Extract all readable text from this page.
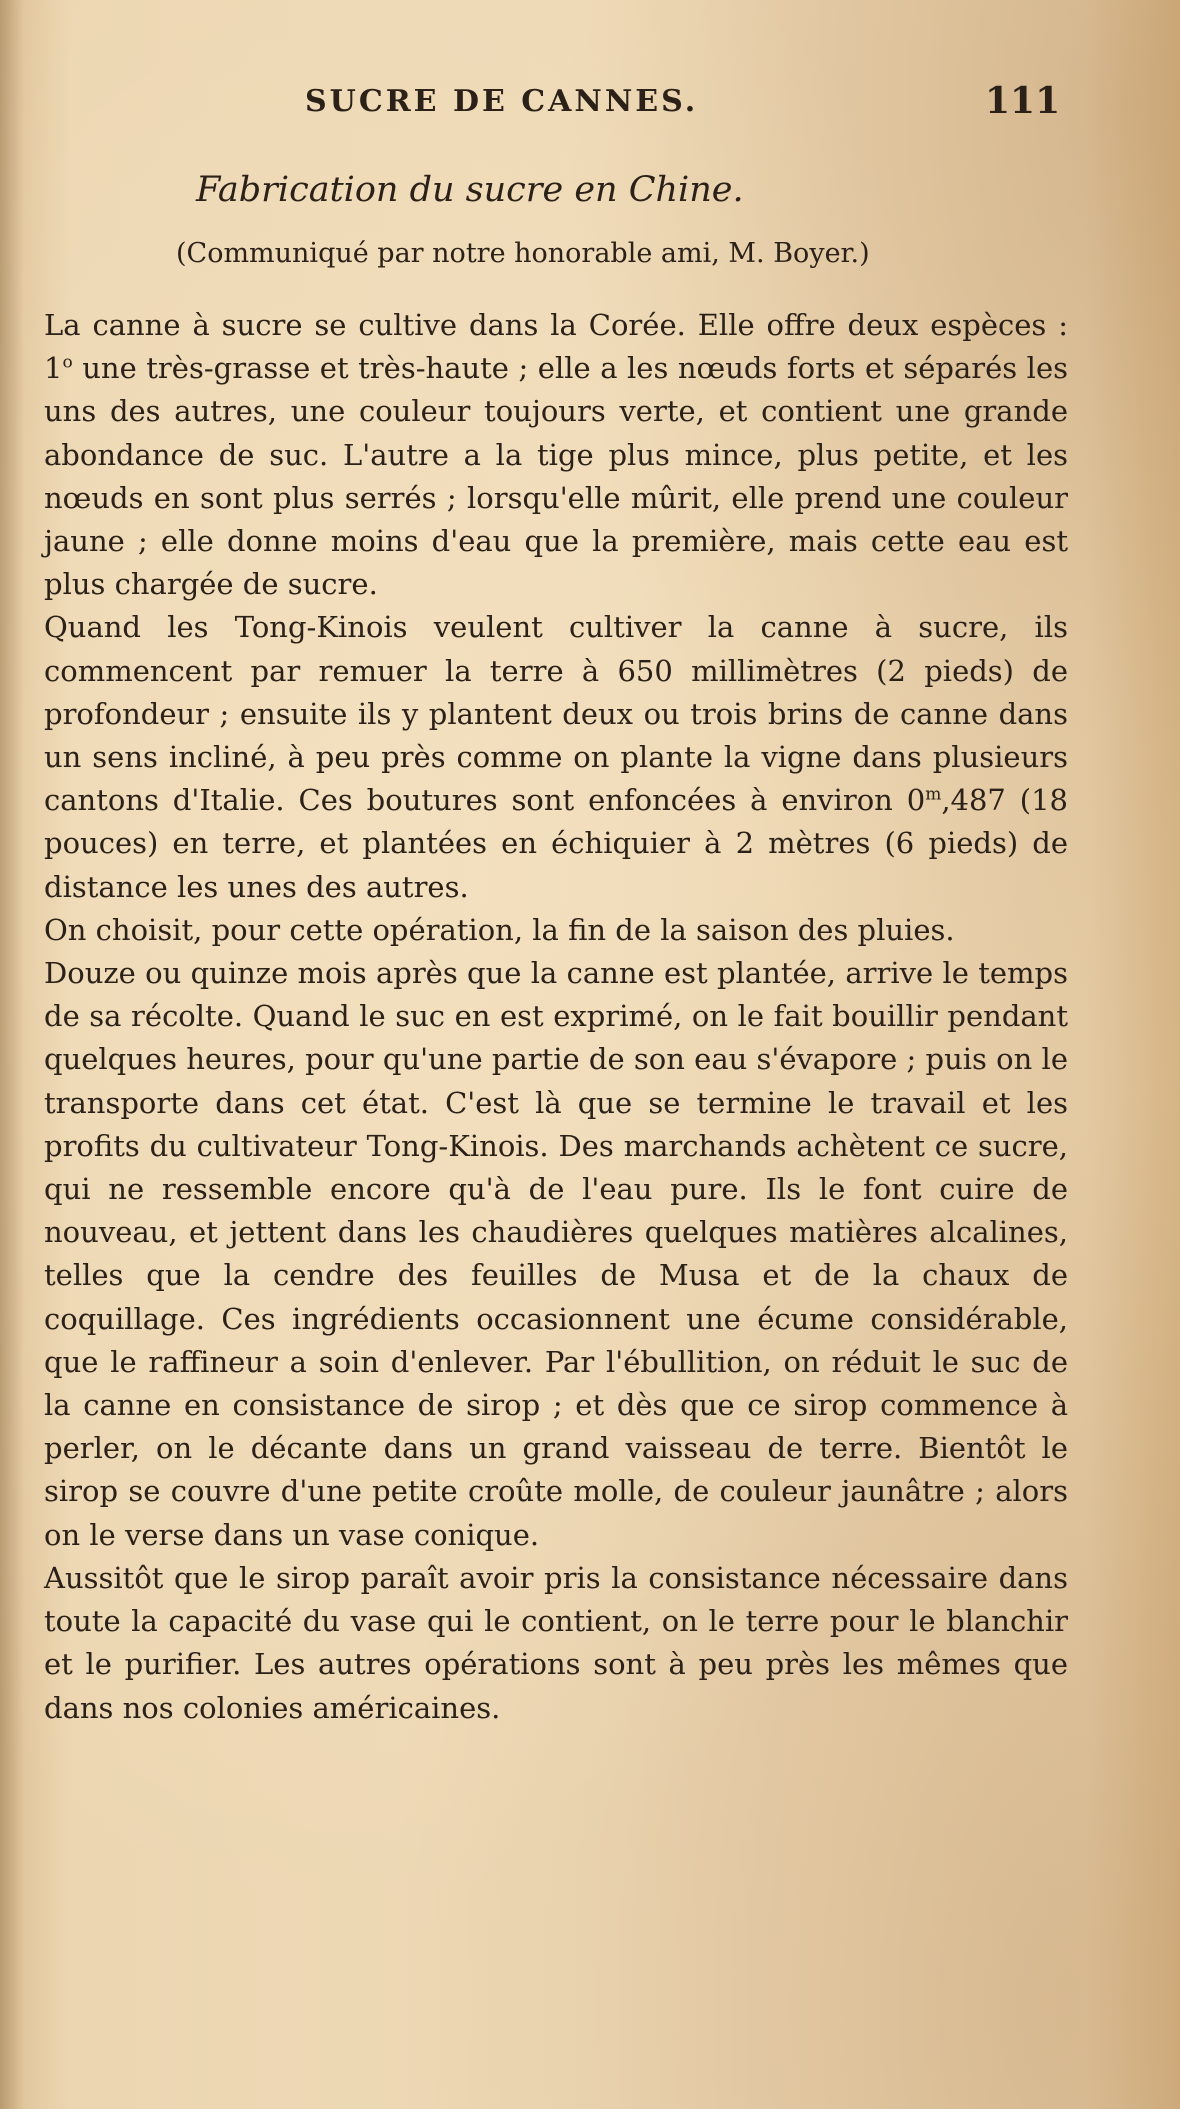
SUCRE DE CANNES.	111
Fabrication du sucre en Chine.
(Communiqué par notre honorable ami, M. Boyer.)

La canne à sucre se cultive dans la Corée. Elle offre deux espèces : 1$^o$ une très-grasse et très-haute ; elle a les nœuds forts et séparés les uns des autres, une couleur toujours verte, et contient une grande abondance de suc. L'autre a la tige plus mince, plus petite, et les nœuds en sont plus serrés ; lorsqu'elle mûrit, elle prend une couleur jaune ; elle donne moins d'eau que la première, mais cette eau est plus chargée de sucre.

Quand les Tong-Kinois veulent cultiver la canne à sucre, ils commencent par remuer la terre à 650 millimètres (2 pieds) de profondeur ; ensuite ils y plantent deux ou trois brins de canne dans un sens incliné, à peu près comme on plante la vigne dans plusieurs cantons d'Italie. Ces boutures sont enfoncées à environ 0$^m$,487 (18 pouces) en terre, et plantées en échiquier à 2 mètres (6 pieds) de distance les unes des autres.

On choisit, pour cette opération, la fin de la saison des pluies.

Douze ou quinze mois après que la canne est plantée, arrive le temps de sa récolte. Quand le suc en est exprimé, on le fait bouillir pendant quelques heures, pour qu'une partie de son eau s'évapore ; puis on le transporte dans cet état. C'est là que se termine le travail et les profits du cultivateur Tong-Kinois. Des marchands achètent ce sucre, qui ne ressemble encore qu'à de l'eau pure. Ils le font cuire de nouveau, et jettent dans les chaudières quelques matières alcalines, telles que la cendre des feuilles de Musa et de la chaux de coquillage. Ces ingrédients occasionnent une écume considérable, que le raffineur a soin d'enlever. Par l'ébullition, on réduit le suc de la canne en consistance de sirop ; et dès que ce sirop commence à perler, on le décante dans un grand vaisseau de terre. Bientôt le sirop se couvre d'une petite croûte molle, de couleur jaunâtre ; alors on le verse dans un vase conique.

Aussitôt que le sirop paraît avoir pris la consistance nécessaire dans toute la capacité du vase qui le contient, on le terre pour le blanchir et le purifier. Les autres opérations sont à peu près les mêmes que dans nos colonies américaines.
